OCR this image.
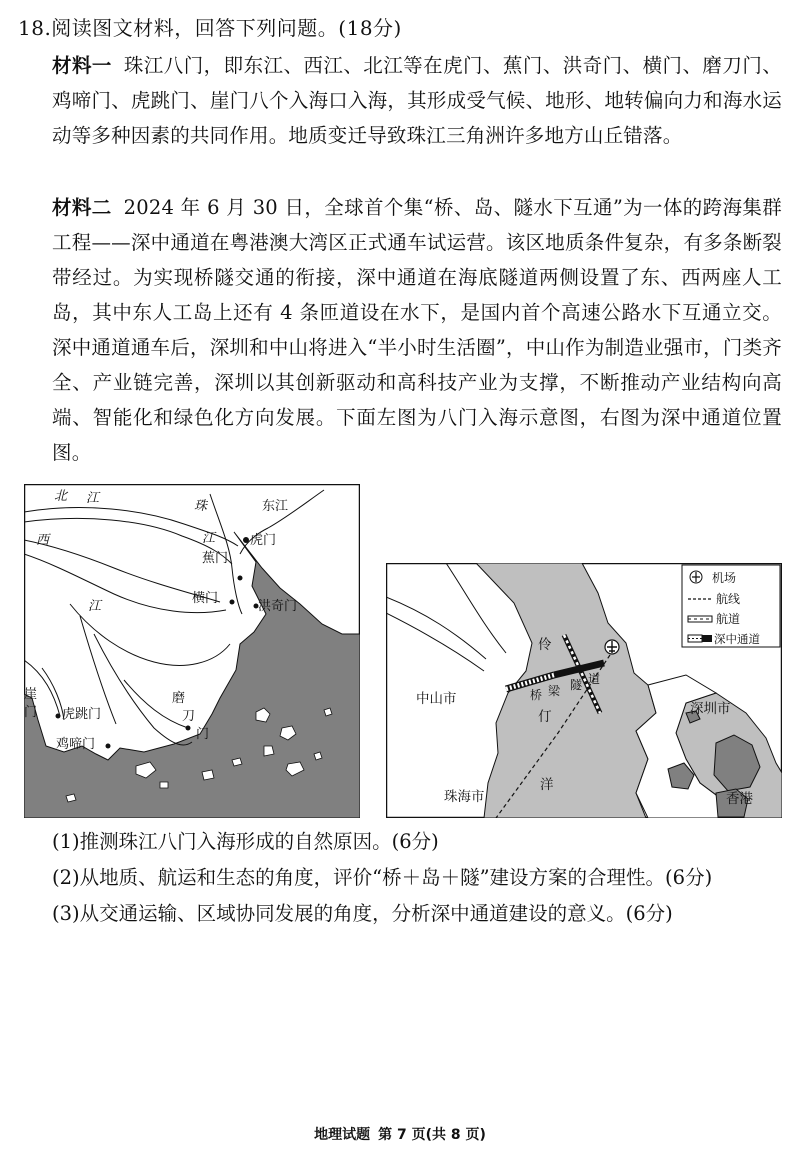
18.阅读图文材料，回答下列问题。(18分)
材料一 珠江八门，即东江、西江、北江等在虎门、蕉门、洪奇门、横门、磨刀门、鸡啼门、虎跳门、崖门八个入海口入海，其形成受气候、地形、地转偏向力和海水运动等多种因素的共同作用。地质变迁导致珠江三角洲许多地方山丘错落。
材料二 2024 年 6 月 30 日，全球首个集“桥、岛、隧水下互通”为一体的跨海集群工程——深中通道在粤港澳大湾区正式通车试运营。该区地质条件复杂，有多条断裂带经过。为实现桥隧交通的衔接，深中通道在海底隧道两侧设置了东、西两座人工岛，其中东人工岛上还有 4 条匝道设在水下，是国内首个高速公路水下互通立交。深中通道通车后，深圳和中山将进入“半小时生活圈”，中山作为制造业强市，门类齐全、产业链完善，深圳以其创新驱动和高科技产业为支撑，不断推动产业结构向高端、智能化和绿色化方向发展。下面左图为八门入海示意图，右图为深中通道位置图。
北 江
西
江
珠
江
东江
虎门
蕉门
横门
洪奇门
崖
门 虎跳门
鸡啼门
磨
刀
门
机场
航线
航道
深中通道
中山市
深圳市
珠海市	香港
伶
仃
洋
桥 梁 隧 道
(1)推测珠江八门入海形成的自然原因。(6分)
(2)从地质、航运和生态的角度，评价“桥＋岛＋隧”建设方案的合理性。(6分)
(3)从交通运输、区域协同发展的角度，分析深中通道建设的意义。(6分)
地理试题 第 7 页(共 8 页)
